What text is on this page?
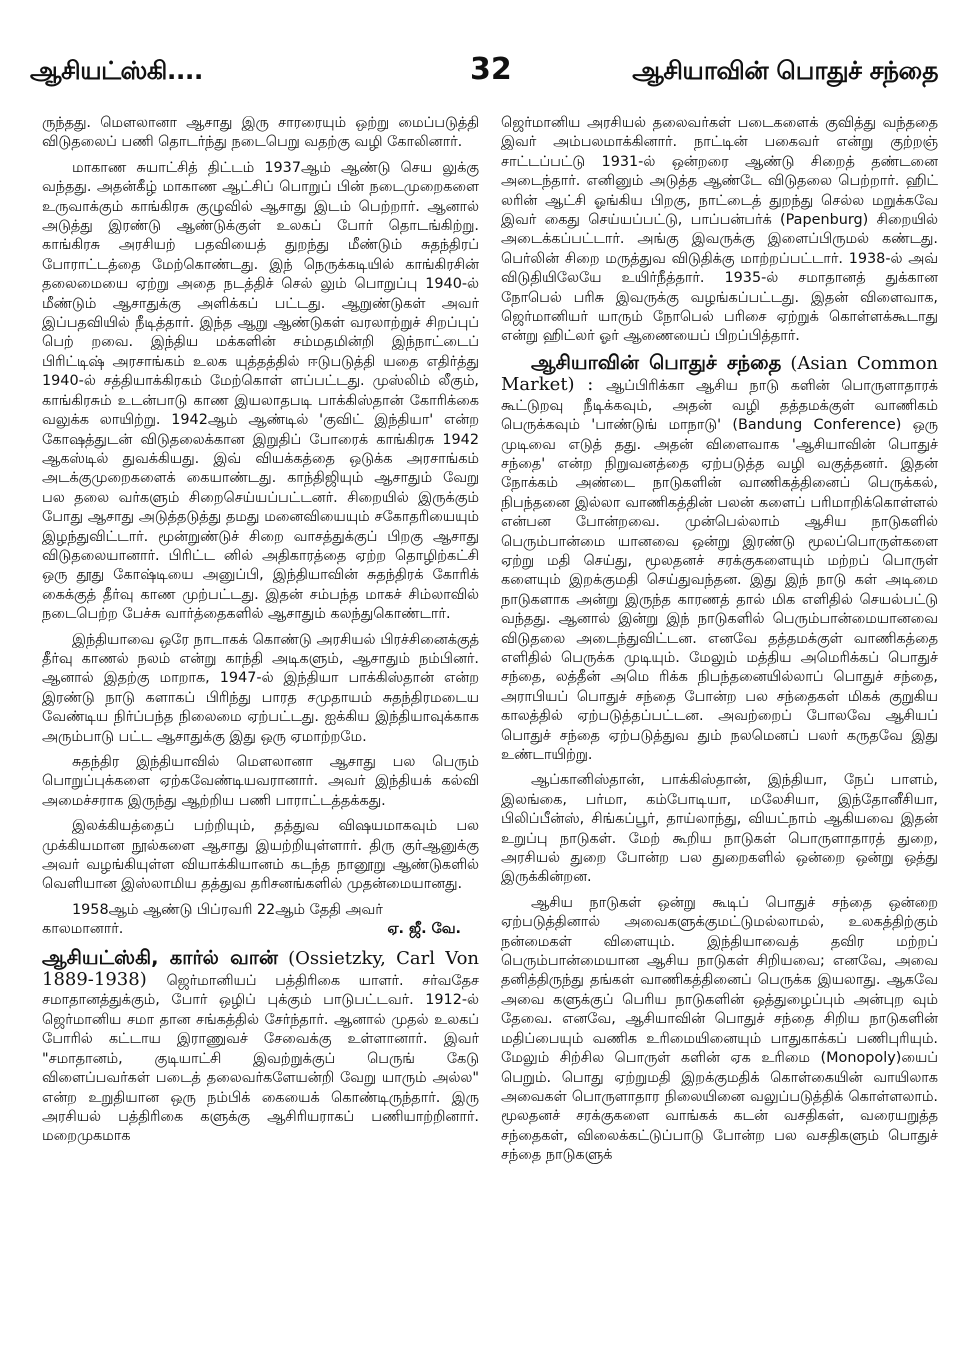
ஆசியட்ஸ்கி....	32	ஆசியாவின் பொதுச் சந்தை

ருந்தது. மௌலானா ஆசாது இரு சாரரையும் ஒற்று மைப்படுத்தி விடுதலைப் பணி தொடர்ந்து நடைபெறு வதற்கு வழி கோலினார்.

மாகாண சுயாட்சித் திட்டம் 1937ஆம் ஆண்டு செய லுக்கு வந்தது. அதன்கீழ் மாகாண ஆட்சிப் பொறுப் பின் நடைமுறைகளை உருவாக்கும் காங்கிரசு குழுவில் ஆசாது இடம் பெற்றார். ஆனால் அடுத்து இரண்டு ஆண்டுக்குள் உலகப் போர் தொடங்கிற்று. காங்கிரசு அரசியற் பதவியைத் துறந்து மீண்டும் சுதந்திரப் போராட்டத்தை மேற்கொண்டது. இந் நெருக்கடியில் காங்கிரசின் தலைமையை ஏற்று அதை நடத்திச் செல் லும் பொறுப்பு 1940-ல் மீண்டும் ஆசாதுக்கு அளிக்கப் பட்டது. ஆறுண்டுகள் அவர் இப்பதவியில் நீடித்தார். இந்த ஆறு ஆண்டுகள் வரலாற்றுச் சிறப்புப் பெற் றவை. இந்திய மக்களின் சம்மதமின்றி இந்நாட்டைப் பிரிட்டிஷ் அரசாங்கம் உலக யுத்தத்தில் ஈடுபடுத்தி யதை எதிர்த்து 1940-ல் சத்தியாக்கிரகம் மேற்கொள் ளப்பட்டது. முஸ்லிம் லீகும், காங்கிரசும் உடன்பாடு காண இயலாதபடி பாக்கிஸ்தான் கோரிக்கை வலுக்க லாயிற்று. 1942ஆம் ஆண்டில் 'குவிட் இந்தியா' என்ற கோஷத்துடன் விடுதலைக்கான இறுதிப் போரைக் காங்கிரசு 1942 ஆகஸ்டில் துவக்கியது. இவ் வியக்கத்தை ஒடுக்க அரசாங்கம் அடக்குமுறைகளைக் கையாண்டது. காந்திஜியும் ஆசாதும் வேறு பல தலை வர்களும் சிறைசெய்யப்பட்டனர். சிறையில் இருக்கும் போது ஆசாது அடுத்தடுத்து தமது மனைவியையும் சகோதரியையும் இழந்துவிட்டார். மூன்றுண்டுச் சிறை வாசத்துக்குப் பிறகு ஆசாது விடுதலையானார். பிரிட்ட னில் அதிகாரத்தை ஏற்ற தொழிற்கட்சி ஒரு தூது கோஷ்டியை அனுப்பி, இந்தியாவின் சுதந்திரக் கோரிக் கைக்குத் தீர்வு காண முற்பட்டது. இதன் சம்பந்த மாகச் சிம்லாவில் நடைபெற்ற பேச்சு வார்த்தைகளில் ஆசாதும் கலந்துகொண்டார்.

இந்தியாவை ஒரே நாடாகக் கொண்டு அரசியல் பிரச்சினைக்குத் தீர்வு காணல் நலம் என்று காந்தி அடிகளும், ஆசாதும் நம்பினர். ஆனால் இதற்கு மாறாக, 1947-ல் இந்தியா பாக்கிஸ்தான் என்ற இரண்டு நாடு களாகப் பிரிந்து பாரத சமுதாயம் சுதந்திரமடைய வேண்டிய நிர்ப்பந்த நிலைமை ஏற்பட்டது. ஐக்கிய இந்தியாவுக்காக அரும்பாடு பட்ட ஆசாதுக்கு இது ஒரு ஏமாற்றமே.

சுதந்திர இந்தியாவில் மௌலானா ஆசாது பல பெரும் பொறுப்புக்களை ஏற்கவேண்டியவரானார். அவர் இந்தியக் கல்வி அமைச்சராக இருந்து ஆற்றிய பணி பாராட்டத்தக்கது.

இலக்கியத்தைப் பற்றியும், தத்துவ விஷயமாகவும் பல முக்கியமான நூல்களை ஆசாது இயற்றியுள்ளார். திரு குர்ஆனுக்கு அவர் வழங்கியுள்ள வியாக்கியானம் கடந்த நானூறு ஆண்டுகளில் வெளியான இஸ்லாமிய தத்துவ தரிசனங்களில் முதன்மையானது.

1958ஆம் ஆண்டு பிப்ரவரி 22ஆம் தேதி அவர்

காலமானார்.	ஏ. ஜீ. வே.
ஆசியட்ஸ்கி, கார்ல் வான் (Ossietzky, Carl Von 1889-1938) ஜெர்மானியப் பத்திரிகை யாளர். சர்வதேச சமாதானத்துக்கும், போர் ஒழிப் புக்கும் பாடுபட்டவர். 1912-ல் ஜெர்மானிய சமா தான சங்கத்தில் சேர்ந்தார். ஆனால் முதல் உலகப் போரில் கட்டாய இராணுவச் சேவைக்கு உள்ளானார். இவர் "சமாதானம், குடியாட்சி இவற்றுக்குப் பெருங் கேடு விளைப்பவர்கள் படைத் தலைவர்களேயன்றி வேறு யாரும் அல்ல" என்ற உறுதியான ஒரு நம்பிக் கையைக் கொண்டிருந்தார். இரு அரசியல் பத்திரிகை களுக்கு ஆசிரியராகப் பணியாற்றினார். மறைமுகமாக

ஜெர்மானிய அரசியல் தலைவர்கள் படைகளைக் குவித்து வந்ததை இவர் அம்பலமாக்கினார். நாட்டின் பகைவர் என்று குற்றஞ் சாட்டப்பட்டு 1931-ல் ஒன்றரை ஆண்டு சிறைத் தண்டனை அடைந்தார். எனினும் அடுத்த ஆண்டே விடுதலை பெற்றார். ஹிட் லரின் ஆட்சி ஓங்கிய பிறகு, நாட்டைத் துறந்து செல்ல மறுக்கவே இவர் கைது செய்யப்பட்டு, பாப்பன்பர்க் (Papenburg) சிறையில் அடைக்கப்பட்டார். அங்கு இவருக்கு இளைப்பிருமல் கண்டது. பெர்லின் சிறை மருத்துவ விடுதிக்கு மாற்றப்பட்டார். 1938-ல் அவ் விடுதியிலேயே உயிர்நீத்தார். 1935-ல் சமாதானத் துக்கான நோபெல் பரிசு இவருக்கு வழங்கப்பட்டது. இதன் விளைவாக, ஜெர்மானியர் யாரும் நோபெல் பரிசை ஏற்றுக் கொள்ளக்கூடாது என்று ஹிட்லர் ஓர் ஆணையைப் பிறப்பித்தார்.

ஆசியாவின் பொதுச் சந்தை (Asian Common Market) : ஆப்பிரிக்கா ஆசிய நாடு களின் பொருளாதாரக் கூட்டுறவு நீடிக்கவும், அதன் வழி தத்தமக்குள் வாணிகம் பெருக்கவும் 'பாண்டுங் மாநாடு' (Bandung Conference) ஒரு முடிவை எடுத் தது. அதன் விளைவாக 'ஆசியாவின் பொதுச் சந்தை' என்ற நிறுவனத்தை ஏற்படுத்த வழி வகுத்தனர். இதன் நோக்கம் அண்டை நாடுகளின் வாணிகத்தினைப் பெருக்கல், நிபந்தனை இல்லா வாணிகத்தின் பலன் களைப் பரிமாறிக்கொள்ளல் என்பன போன்றவை. முன்பெல்லாம் ஆசிய நாடுகளில் பெரும்பான்மை யானவை ஒன்று இரண்டு மூலப்பொருள்களை ஏற்று மதி செய்து, மூலதனச் சரக்குகளையும் மற்றப் பொருள் களையும் இறக்குமதி செய்துவந்தன. இது இந் நாடு கள் அடிமை நாடுகளாக அன்று இருந்த காரணத் தால் மிக எளிதில் செயல்பட்டு வந்தது. ஆனால் இன்று இந் நாடுகளில் பெரும்பான்மையானவை விடுதலை அடைந்துவிட்டன. எனவே தத்தமக்குள் வாணிகத்தை எளிதில் பெருக்க முடியும். மேலும் மத்திய அமெரிக்கப் பொதுச் சந்தை, லத்தீன் அமெ ரிக்க நிபந்தனையில்லாப் பொதுச் சந்தை, அராபியப் பொதுச் சந்தை போன்ற பல சந்தைகள் மிகக் குறுகிய காலத்தில் ஏற்படுத்தப்பட்டன. அவற்றைப் போலவே ஆசியப் பொதுச் சந்தை ஏற்படுத்துவ தும் நலமெனப் பலர் கருதவே இது உண்டாயிற்று.

ஆப்கானிஸ்தான், பாக்கிஸ்தான், இந்தியா, நேப் பாளம், இலங்கை, பர்மா, கம்போடியா, மலேசியா, இந்தோனீசியா, பிலிப்பீன்ஸ், சிங்கப்பூர், தாய்லாந்து, வியட்நாம் ஆகியவை இதன் உறுப்பு நாடுகள். மேற் கூறிய நாடுகள் பொருளாதாரத் துறை, அரசியல் துறை போன்ற பல துறைகளில் ஒன்றை ஒன்று ஒத்து இருக்கின்றன.

ஆசிய நாடுகள் ஒன்று கூடிப் பொதுச் சந்தை ஒன்றை ஏற்படுத்தினால் அவைகளுக்குமட்டுமல்லாமல், உலகத்திற்கும் நன்மைகள் விளையும். இந்தியாவைத் தவிர மற்றப் பெரும்பான்மையான ஆசிய நாடுகள் சிறியவை; எனவே, அவை தனித்திருந்து தங்கள் வாணிகத்தினைப் பெருக்க இயலாது. ஆகவே அவை களுக்குப் பெரிய நாடுகளின் ஒத்துழைப்பும் அன்புற வும் தேவை. எனவே, ஆசியாவின் பொதுச் சந்தை சிறிய நாடுகளின் மதிப்பையும் வணிக உரிமையினையும் பாதுகாக்கப் பணிபுரியும். மேலும் சிற்சில பொருள் களின் ஏக உரிமை (Monopoly)யைப் பெறும். பொது ஏற்றுமதி இறக்குமதிக் கொள்கையின் வாயிலாக அவைகள் பொருளாதார நிலையினை வலுப்படுத்திக் கொள்ளலாம். மூலதனச் சரக்குகளை வாங்கக் கடன் வசதிகள், வரையறுத்த சந்தைகள், விலைக்கட்டுப்பாடு போன்ற பல வசதிகளும் பொதுச் சந்தை நாடுகளுக்
